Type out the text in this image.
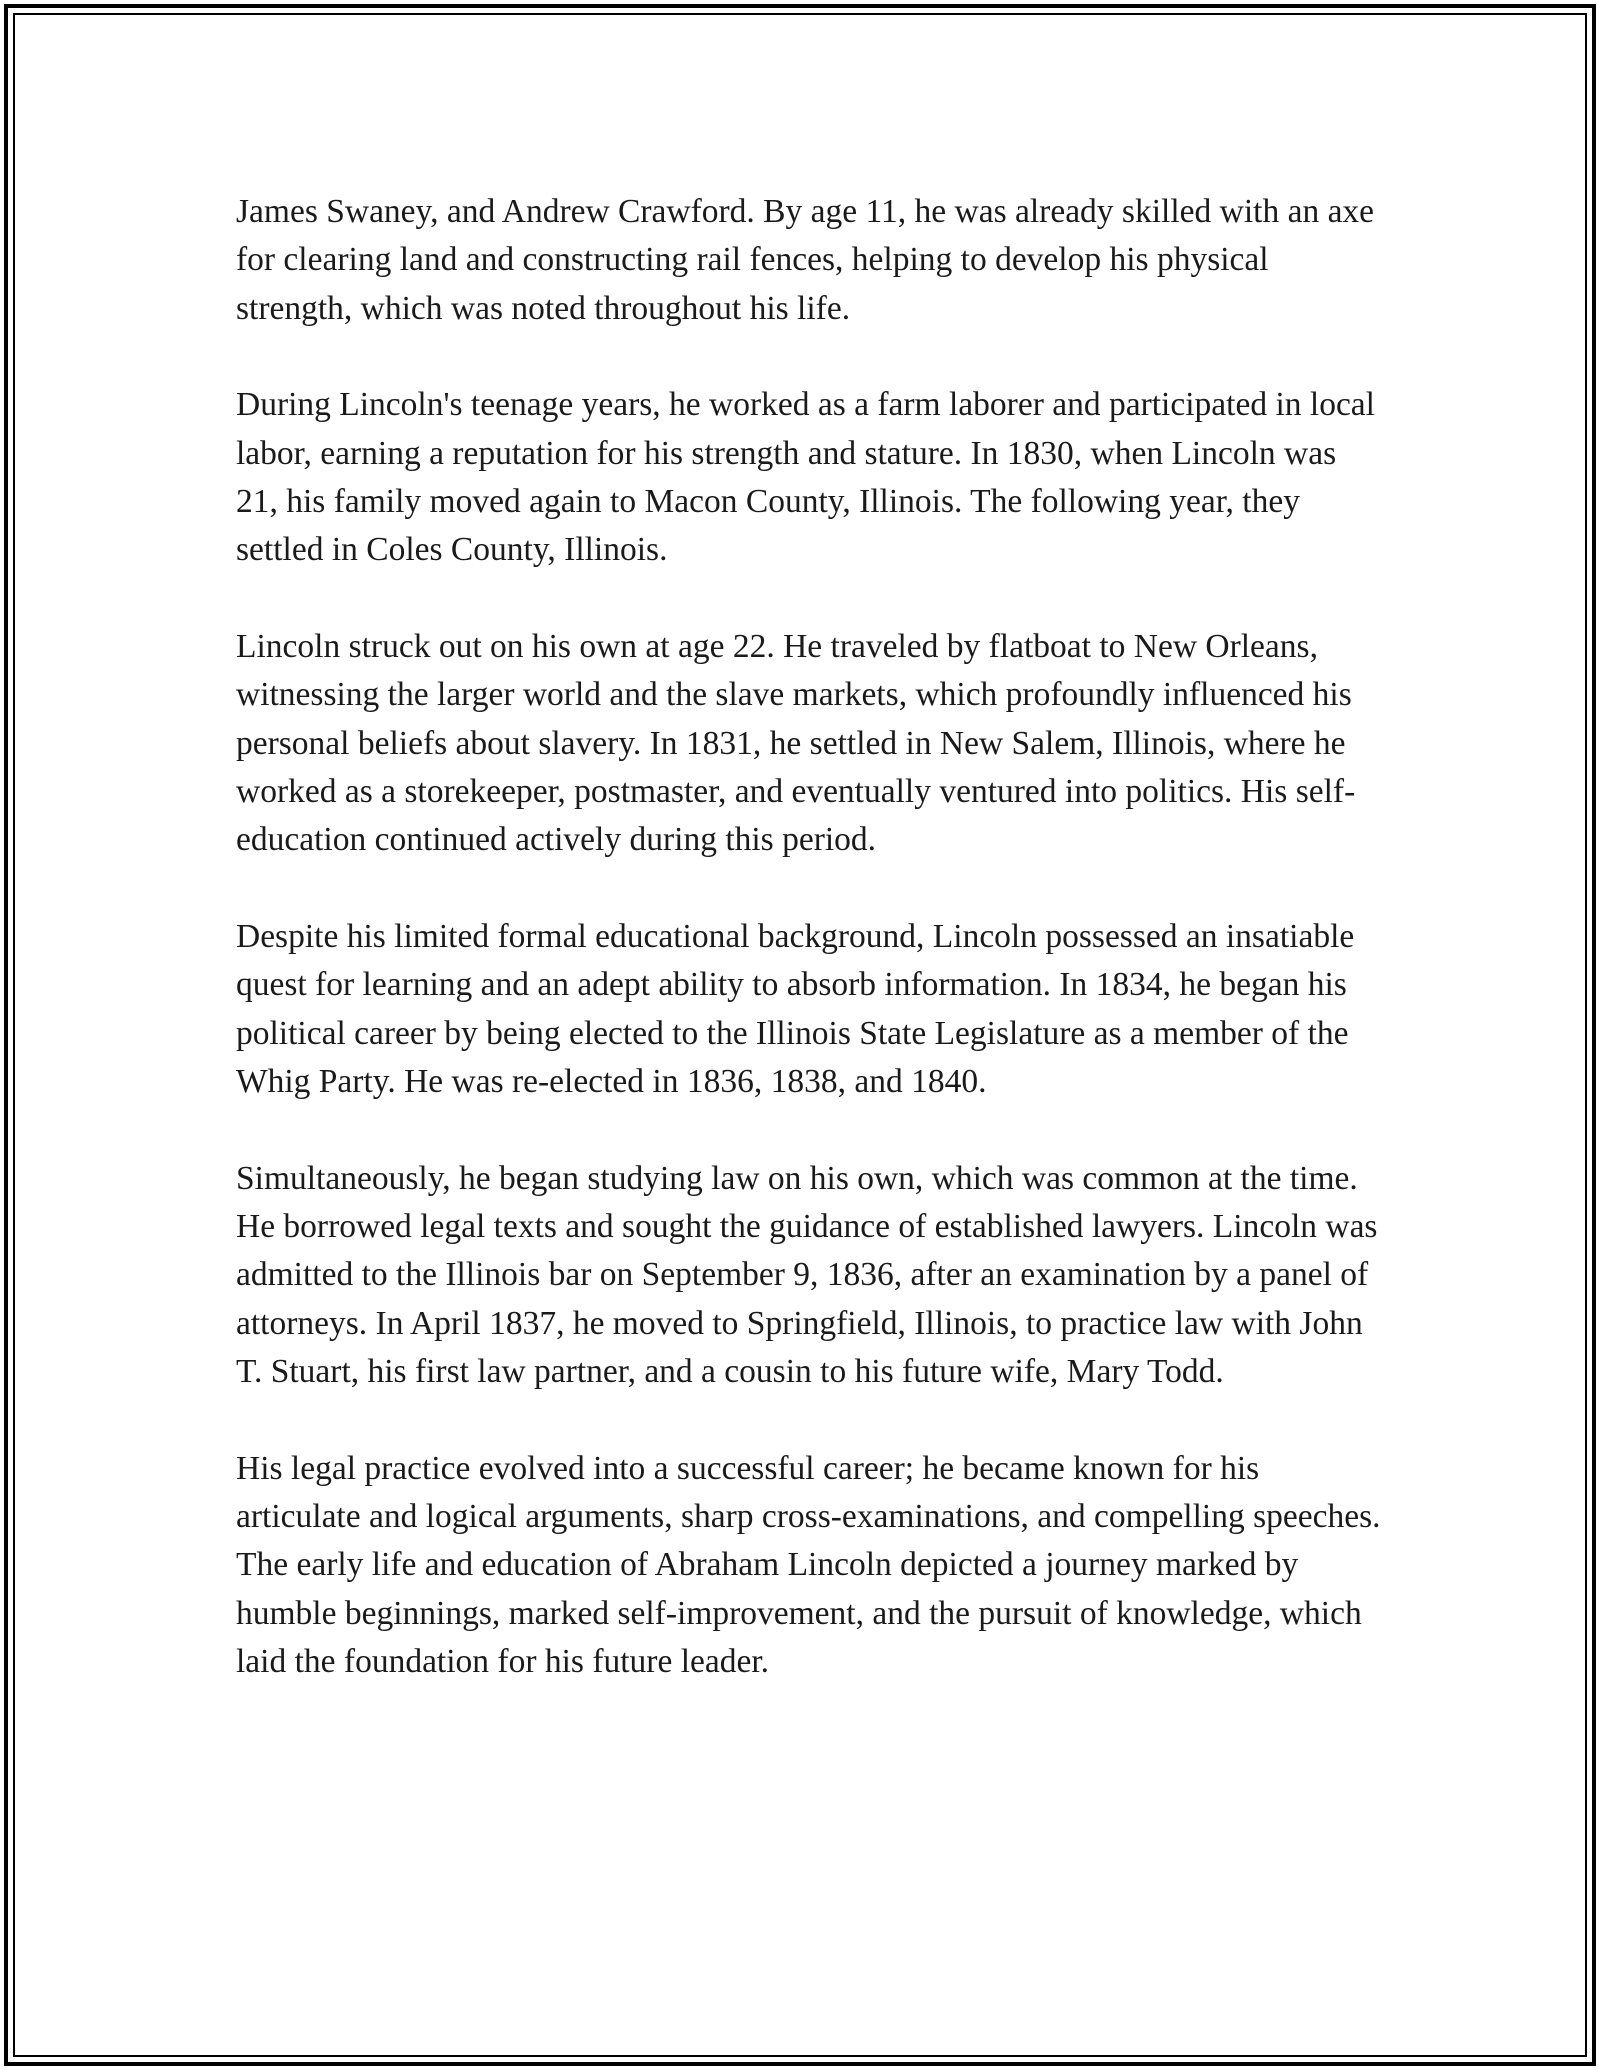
James Swaney, and Andrew Crawford. By age 11, he was already skilled with an axe for clearing land and constructing rail fences, helping to develop his physical strength, which was noted throughout his life.

During Lincoln's teenage years, he worked as a farm laborer and participated in local labor, earning a reputation for his strength and stature. In 1830, when Lincoln was 21, his family moved again to Macon County, Illinois. The following year, they settled in Coles County, Illinois.

Lincoln struck out on his own at age 22. He traveled by flatboat to New Orleans, witnessing the larger world and the slave markets, which profoundly influenced his personal beliefs about slavery. In 1831, he settled in New Salem, Illinois, where he worked as a storekeeper, postmaster, and eventually ventured into politics. His self-education continued actively during this period.

Despite his limited formal educational background, Lincoln possessed an insatiable quest for learning and an adept ability to absorb information. In 1834, he began his political career by being elected to the Illinois State Legislature as a member of the Whig Party. He was re-elected in 1836, 1838, and 1840.

Simultaneously, he began studying law on his own, which was common at the time. He borrowed legal texts and sought the guidance of established lawyers. Lincoln was admitted to the Illinois bar on September 9, 1836, after an examination by a panel of attorneys. In April 1837, he moved to Springfield, Illinois, to practice law with John T. Stuart, his first law partner, and a cousin to his future wife, Mary Todd.

His legal practice evolved into a successful career; he became known for his articulate and logical arguments, sharp cross-examinations, and compelling speeches. The early life and education of Abraham Lincoln depicted a journey marked by humble beginnings, marked self-improvement, and the pursuit of knowledge, which laid the foundation for his future leader.
